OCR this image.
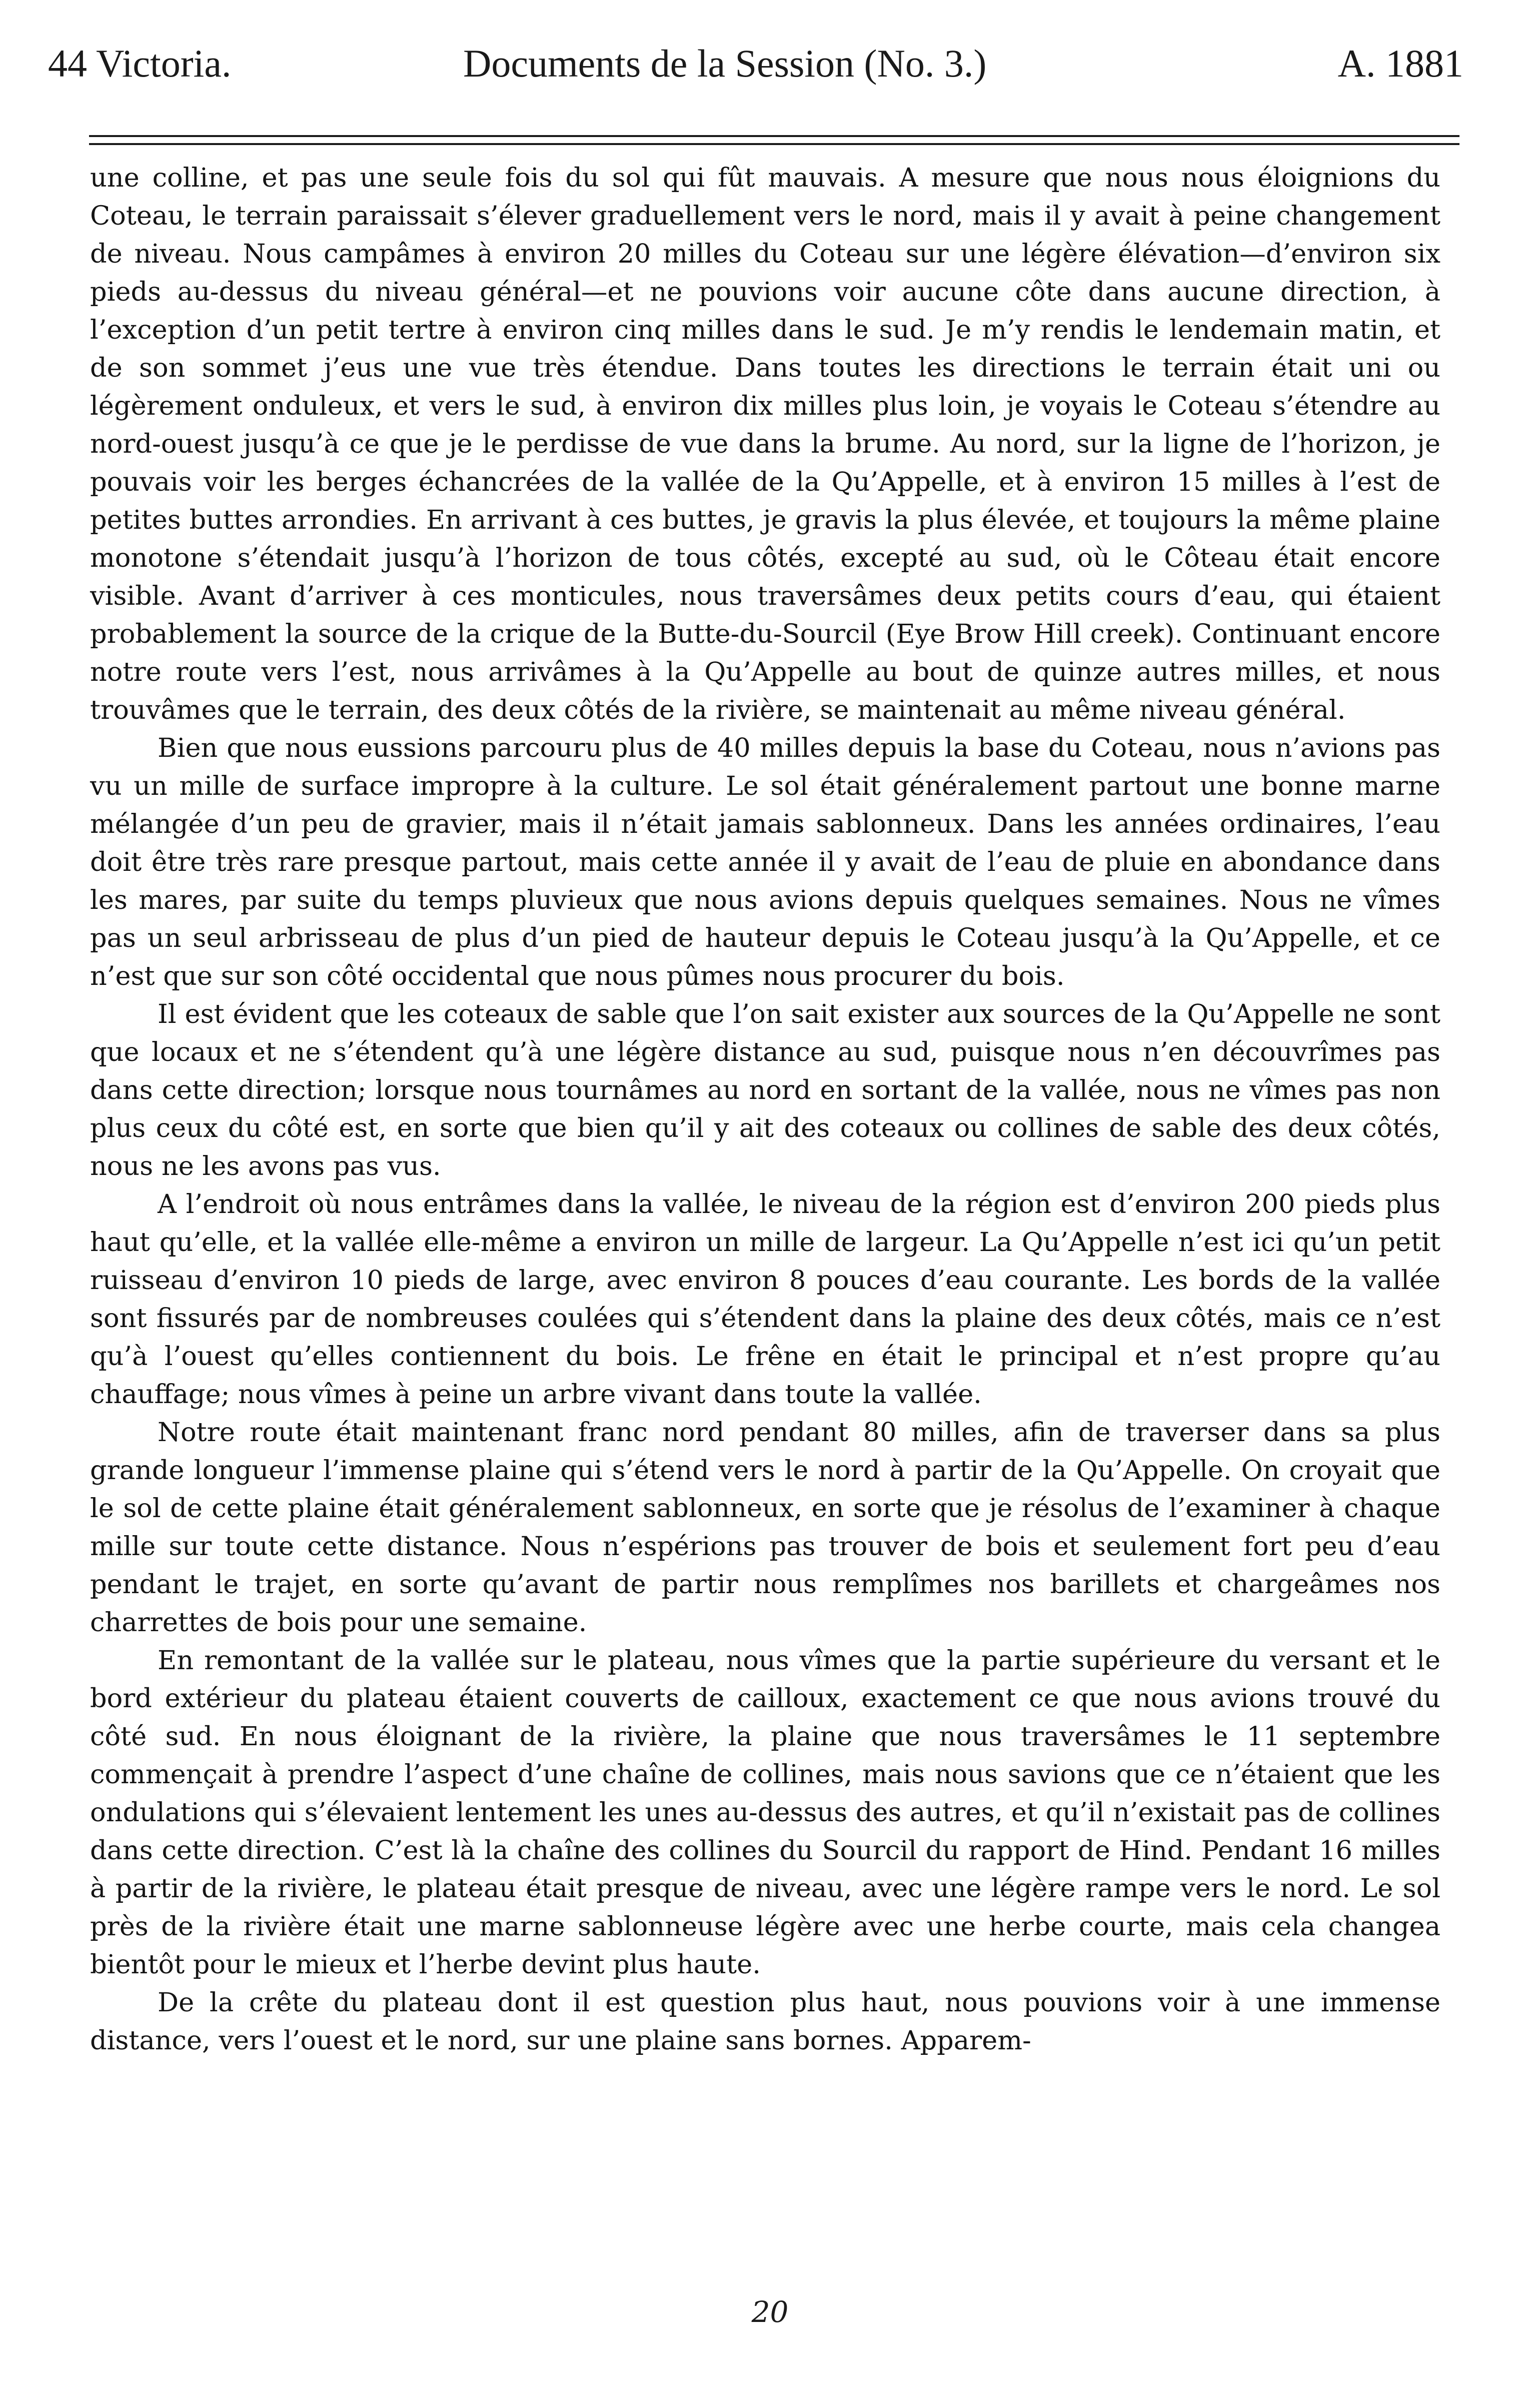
44 Victoria.	Documents de la Session (No. 3.)	A. 1881

une colline, et pas une seule fois du sol qui fût mauvais. A mesure que nous nous éloignions du Coteau, le terrain paraissait s’élever graduellement vers le nord, mais il y avait à peine changement de niveau. Nous campâmes à environ 20 milles du Coteau sur une légère élévation—d’environ six pieds au-dessus du niveau général—et ne pouvions voir aucune côte dans aucune direction, à l’exception d’un petit tertre à environ cinq milles dans le sud. Je m’y rendis le lendemain matin, et de son sommet j’eus une vue très étendue. Dans toutes les directions le terrain était uni ou légèrement onduleux, et vers le sud, à environ dix milles plus loin, je voyais le Coteau s’étendre au nord-ouest jusqu’à ce que je le perdisse de vue dans la brume. Au nord, sur la ligne de l’horizon, je pouvais voir les berges échancrées de la vallée de la Qu’Appelle, et à environ 15 milles à l’est de petites buttes arrondies. En arrivant à ces buttes, je gravis la plus élevée, et toujours la même plaine monotone s’étendait jusqu’à l’horizon de tous côtés, excepté au sud, où le Côteau était encore visible. Avant d’arriver à ces monticules, nous traversâmes deux petits cours d’eau, qui étaient probablement la source de la crique de la Butte-du-Sourcil (Eye Brow Hill creek). Continuant encore notre route vers l’est, nous arrivâmes à la Qu’Appelle au bout de quinze autres milles, et nous trouvâmes que le terrain, des deux côtés de la rivière, se maintenait au même niveau général.

Bien que nous eussions parcouru plus de 40 milles depuis la base du Coteau, nous n’avions pas vu un mille de surface impropre à la culture. Le sol était généralement partout une bonne marne mélangée d’un peu de gravier, mais il n’était jamais sablonneux. Dans les années ordinaires, l’eau doit être très rare presque partout, mais cette année il y avait de l’eau de pluie en abondance dans les mares, par suite du temps pluvieux que nous avions depuis quelques semaines. Nous ne vîmes pas un seul arbrisseau de plus d’un pied de hauteur depuis le Coteau jusqu’à la Qu’Appelle, et ce n’est que sur son côté occidental que nous pûmes nous procurer du bois.

Il est évident que les coteaux de sable que l’on sait exister aux sources de la Qu’Appelle ne sont que locaux et ne s’étendent qu’à une légère distance au sud, puisque nous n’en découvrîmes pas dans cette direction; lorsque nous tournâmes au nord en sortant de la vallée, nous ne vîmes pas non plus ceux du côté est, en sorte que bien qu’il y ait des coteaux ou collines de sable des deux côtés, nous ne les avons pas vus.

A l’endroit où nous entrâmes dans la vallée, le niveau de la région est d’environ 200 pieds plus haut qu’elle, et la vallée elle-même a environ un mille de largeur. La Qu’Appelle n’est ici qu’un petit ruisseau d’environ 10 pieds de large, avec environ 8 pouces d’eau courante. Les bords de la vallée sont fissurés par de nombreuses coulées qui s’étendent dans la plaine des deux côtés, mais ce n’est qu’à l’ouest qu’elles contiennent du bois. Le frêne en était le principal et n’est propre qu’au chauffage; nous vîmes à peine un arbre vivant dans toute la vallée.

Notre route était maintenant franc nord pendant 80 milles, afin de traverser dans sa plus grande longueur l’immense plaine qui s’étend vers le nord à partir de la Qu’Appelle. On croyait que le sol de cette plaine était généralement sablonneux, en sorte que je résolus de l’examiner à chaque mille sur toute cette distance. Nous n’espérions pas trouver de bois et seulement fort peu d’eau pendant le trajet, en sorte qu’avant de partir nous remplîmes nos barillets et chargeâmes nos charrettes de bois pour une semaine.

En remontant de la vallée sur le plateau, nous vîmes que la partie supérieure du versant et le bord extérieur du plateau étaient couverts de cailloux, exactement ce que nous avions trouvé du côté sud. En nous éloignant de la rivière, la plaine que nous traversâmes le 11 septembre commençait à prendre l’aspect d’une chaîne de collines, mais nous savions que ce n’étaient que les ondulations qui s’élevaient lentement les unes au-dessus des autres, et qu’il n’existait pas de collines dans cette direction. C’est là la chaîne des collines du Sourcil du rapport de Hind. Pendant 16 milles à partir de la rivière, le plateau était presque de niveau, avec une légère rampe vers le nord. Le sol près de la rivière était une marne sablonneuse légère avec une herbe courte, mais cela changea bientôt pour le mieux et l’herbe devint plus haute.

De la crête du plateau dont il est question plus haut, nous pouvions voir à une immense distance, vers l’ouest et le nord, sur une plaine sans bornes. Apparem-

20
